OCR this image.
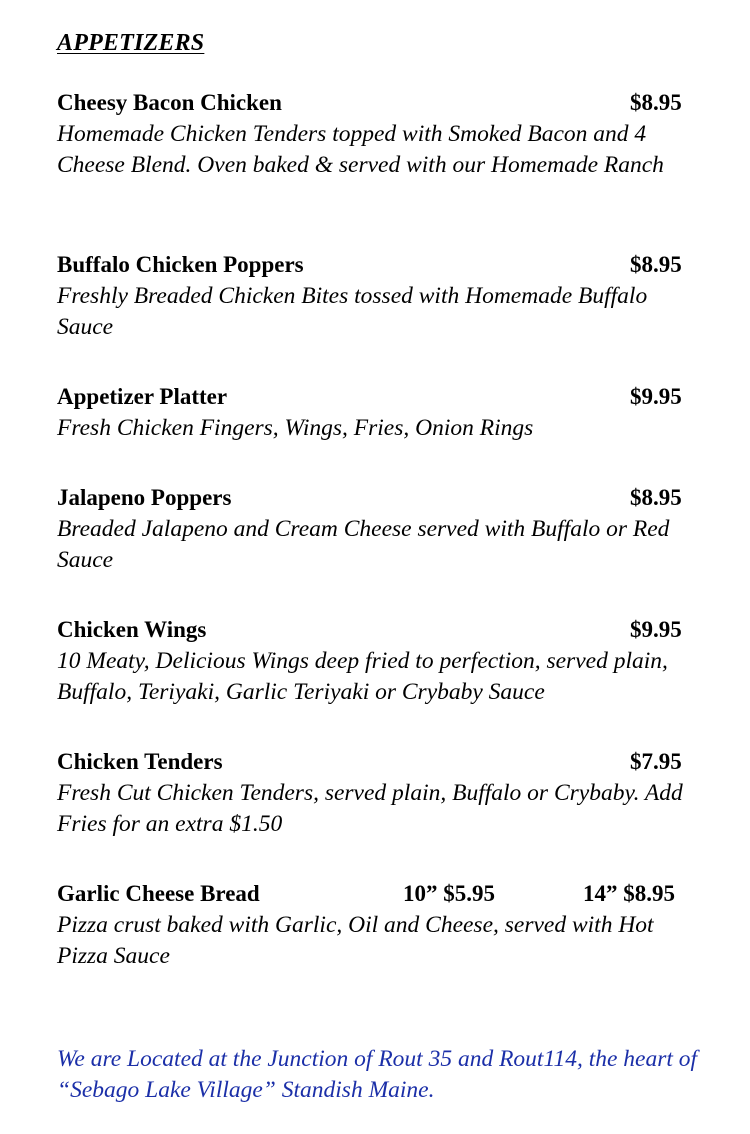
APPETIZERS
Cheesy Bacon Chicken	$8.95
Homemade Chicken Tenders topped with Smoked Bacon and 4 Cheese Blend. Oven baked & served with our Homemade Ranch
Buffalo Chicken Poppers	$8.95
Freshly Breaded Chicken Bites tossed with Homemade Buffalo Sauce
Appetizer Platter	$9.95
Fresh Chicken Fingers, Wings, Fries, Onion Rings
Jalapeno Poppers	$8.95
Breaded Jalapeno and Cream Cheese served with Buffalo or Red Sauce
Chicken Wings	$9.95
10 Meaty, Delicious Wings deep fried to perfection, served plain, Buffalo, Teriyaki, Garlic Teriyaki or Crybaby Sauce
Chicken Tenders	$7.95
Fresh Cut Chicken Tenders, served plain, Buffalo or Crybaby. Add Fries for an extra $1.50
Garlic Cheese Bread	10” $5.95	14” $8.95
Pizza crust baked with Garlic, Oil and Cheese, served with Hot Pizza Sauce
We are Located at the Junction of Rout 35 and Rout114, the heart of “Sebago Lake Village” Standish Maine.
